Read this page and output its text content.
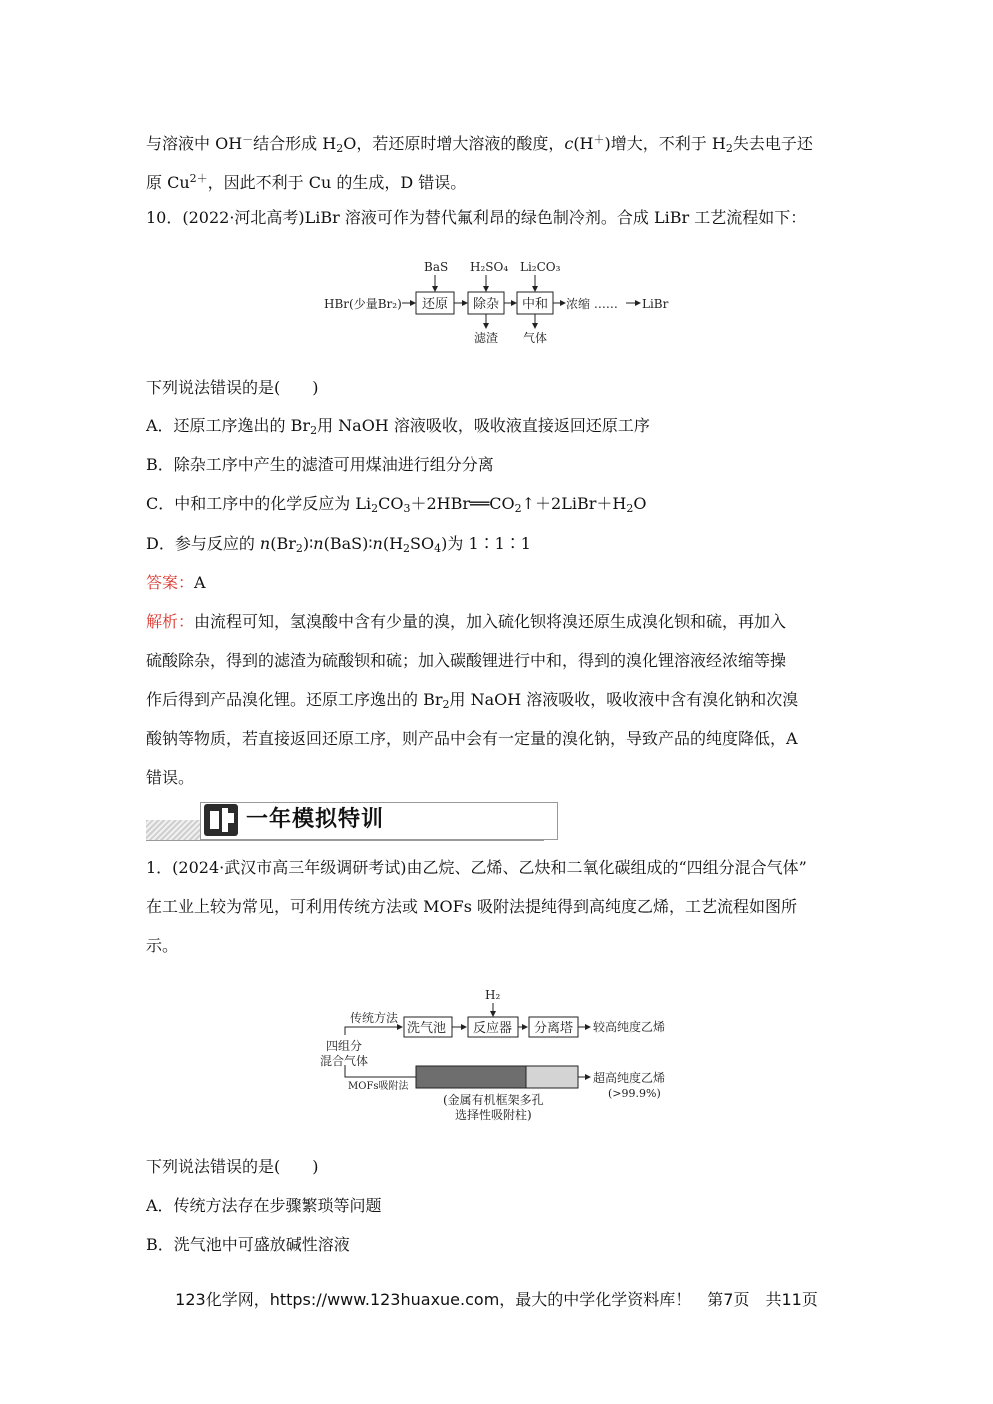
与溶液中 OH－结合形成 $H_2O$，若还原时增大溶液的酸度，c(H＋)增大，不利于 $H_2$失去电子还
原 $Cu^{2+}$，因此不利于 Cu 的生成，D 错误。
10．(2022·河北高考)LiBr 溶液可作为替代氟利昂的绿色制冷剂。合成 LiBr 工艺流程如下：
HBr(少量Br₂)
BaS H₂SO₄ Li₂CO₃
还原 除杂 中和 浓缩 …… LiBr
滤渣 气体
下列说法错误的是(　　)
A．还原工序逸出的 $Br_2$用 NaOH 溶液吸收，吸收液直接返回还原工序
B．除杂工序中产生的滤渣可用煤油进行组分分离
C．中和工序中的化学反应为 $Li_2CO_3+2HBr══CO_2↑+2LiBr+H_2O$
D．参与反应的 $n(Br_2)∶n(BaS)∶n(H_2SO_4)$为 1∶1∶1
答案：A
解析：由流程可知，氢溴酸中含有少量的溴，加入硫化钡将溴还原生成溴化钡和硫，再加入
硫酸除杂，得到的滤渣为硫酸钡和硫；加入碳酸锂进行中和，得到的溴化锂溶液经浓缩等操
作后得到产品溴化锂。还原工序逸出的 $Br_2$用 NaOH 溶液吸收，吸收液中含有溴化钠和次溴
酸钠等物质，若直接返回还原工序，则产品中会有一定量的溴化钠，导致产品的纯度降低，A
错误。
一年模拟特训
1．(2024·武汉市高三年级调研考试)由乙烷、乙烯、乙炔和二氧化碳组成的“四组分混合气体”
在工业上较为常见，可利用传统方法或 MOFs 吸附法提纯得到高纯度乙烯，工艺流程如图所
示。
H₂
传统方法
洗气池 反应器 分离塔 较高纯度乙烯
四组分
混合气体
MOFs吸附法
超高纯度乙烯
(>99.9%)
(金属有机框架多孔
选择性吸附柱)
下列说法错误的是(　　)
A．传统方法存在步骤繁琐等问题
B．洗气池中可盛放碱性溶液
123化学网，https://www.123huaxue.com，最大的中学化学资料库！　第7页　共11页
